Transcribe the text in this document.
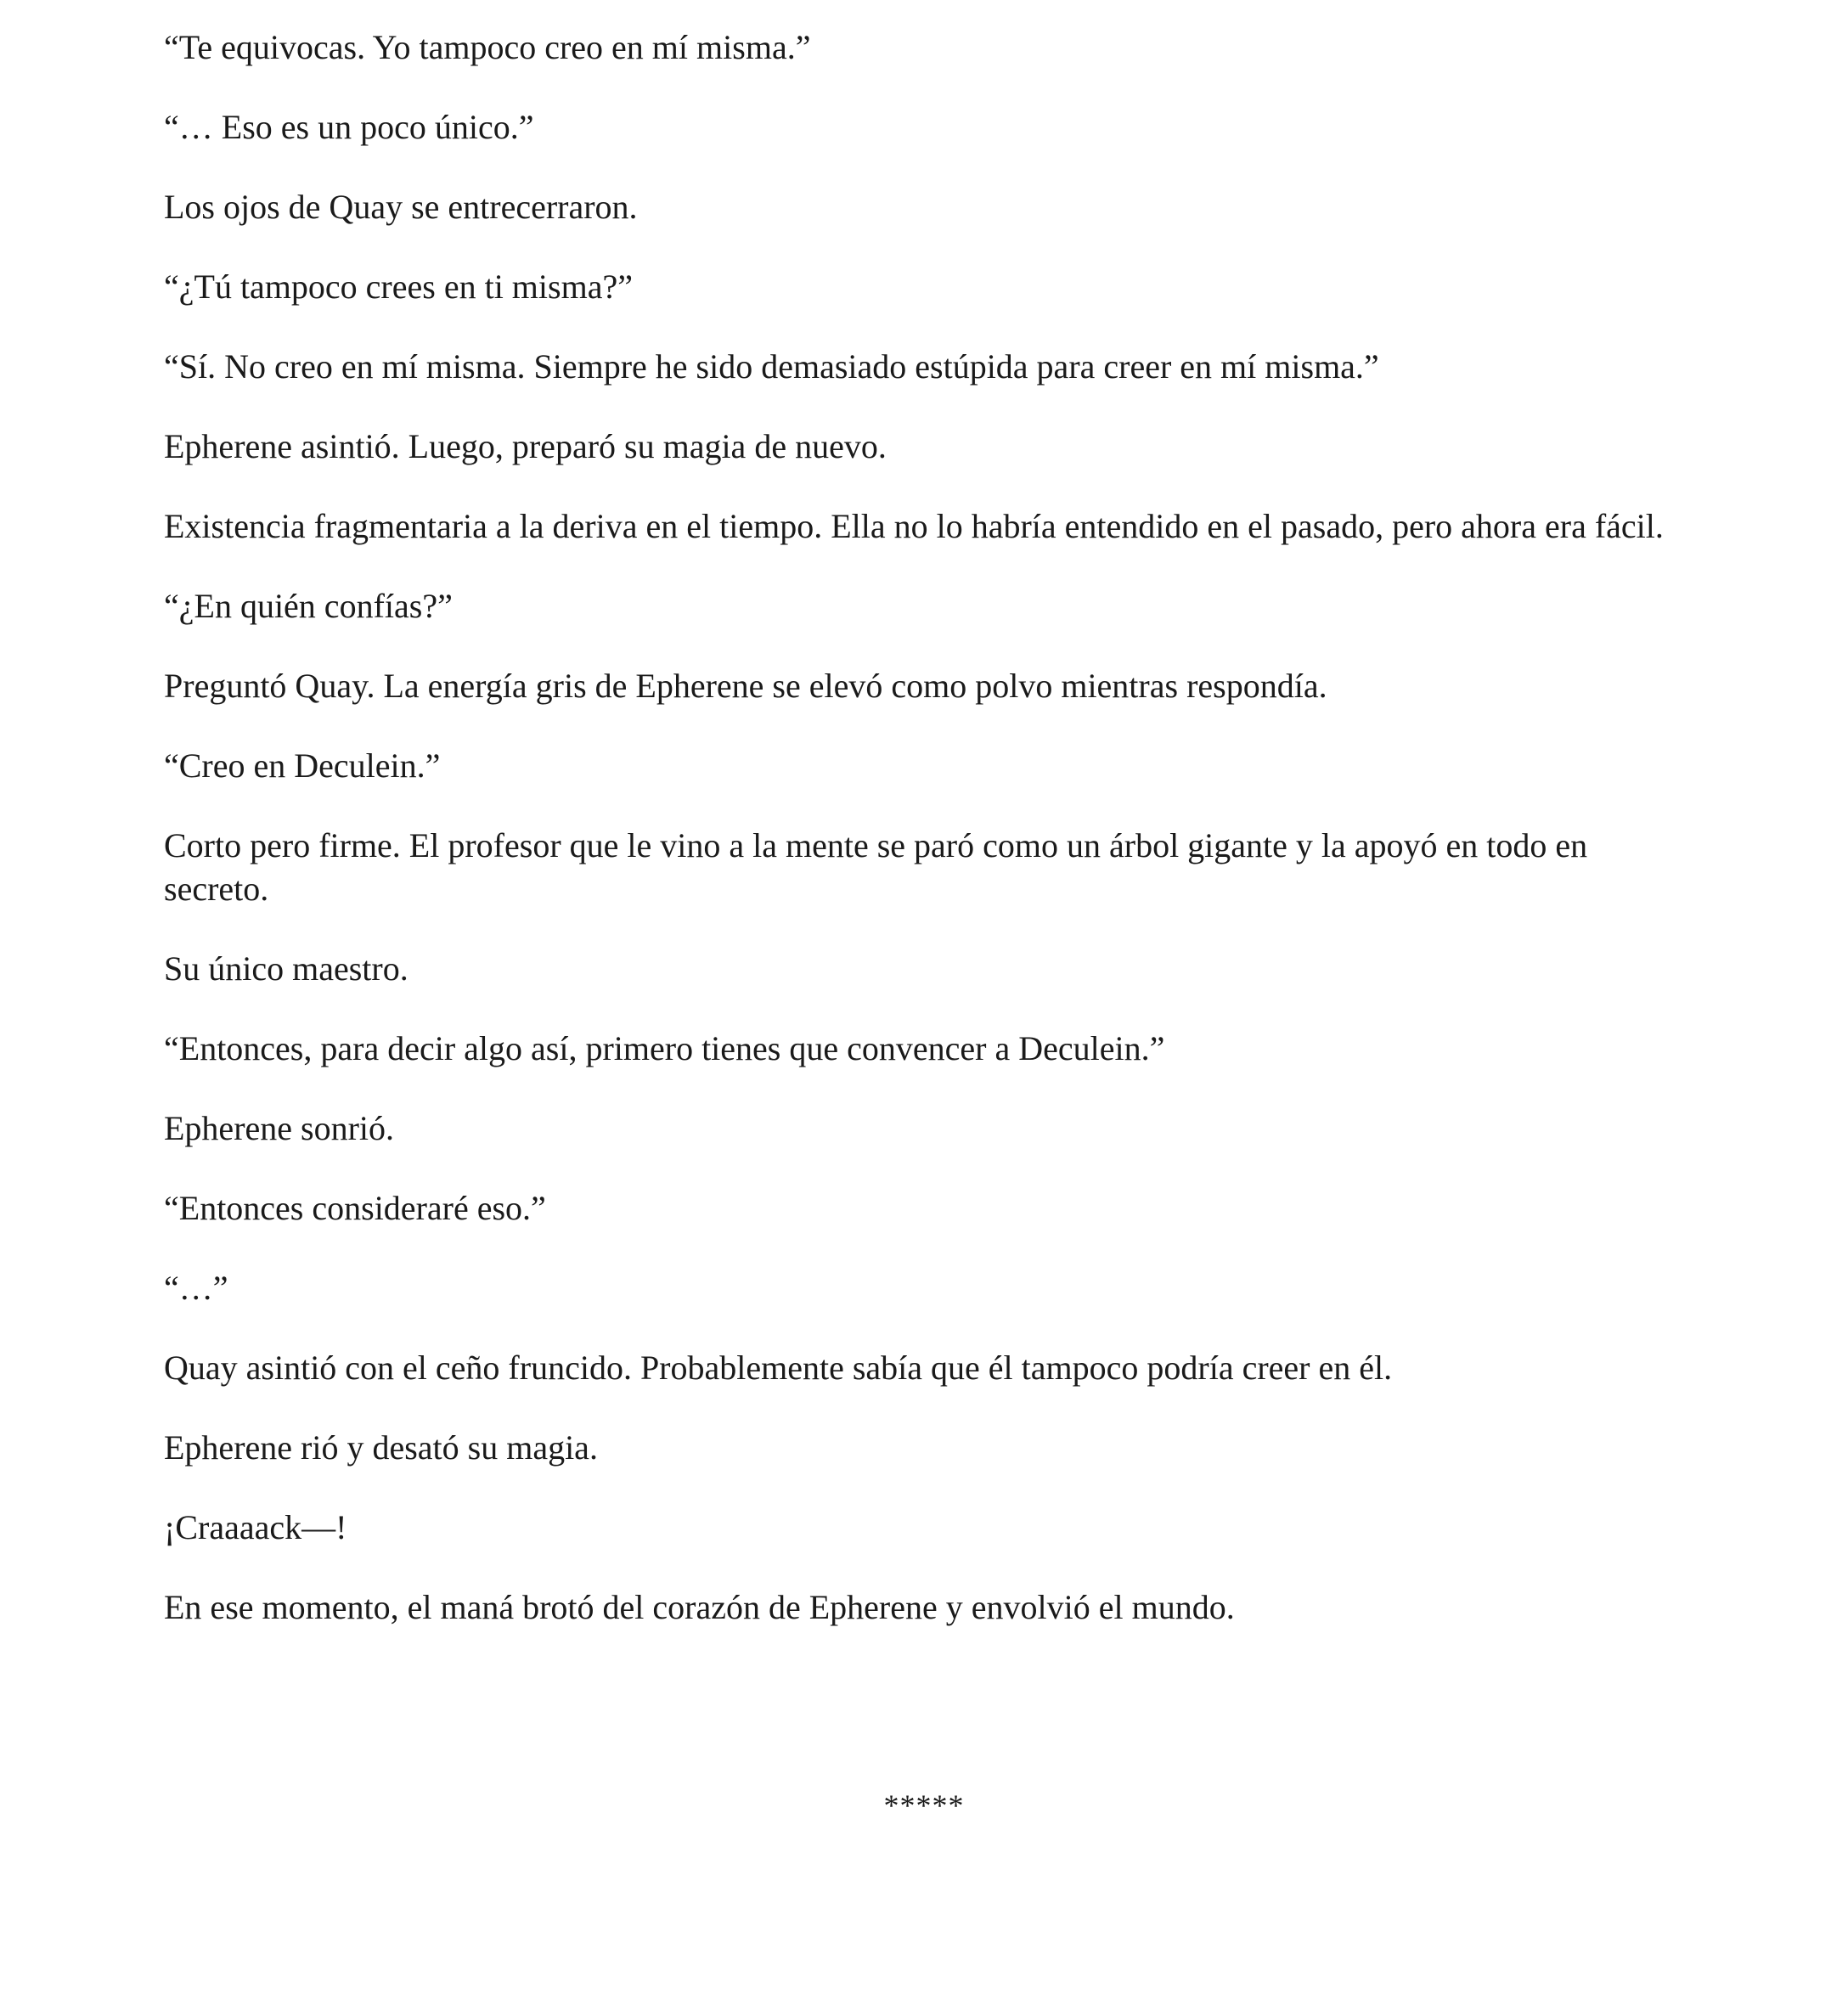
“Te equivocas. Yo tampoco creo en mí misma.”

“… Eso es un poco único.”

Los ojos de Quay se entrecerraron.

“¿Tú tampoco crees en ti misma?”

“Sí. No creo en mí misma. Siempre he sido demasiado estúpida para creer en mí misma.”

Epherene asintió. Luego, preparó su magia de nuevo.

Existencia fragmentaria a la deriva en el tiempo. Ella no lo habría entendido en el pasado, pero ahora era fácil.

“¿En quién confías?”

Preguntó Quay. La energía gris de Epherene se elevó como polvo mientras respondía.

“Creo en Deculein.”

Corto pero firme. El profesor que le vino a la mente se paró como un árbol gigante y la apoyó en todo en secreto.

Su único maestro.

“Entonces, para decir algo así, primero tienes que convencer a Deculein.”

Epherene sonrió.

“Entonces consideraré eso.”

“…”

Quay asintió con el ceño fruncido. Probablemente sabía que él tampoco podría creer en él.

Epherene rió y desató su magia.

¡Craaaack—!

En ese momento, el maná brotó del corazón de Epherene y envolvió el mundo.

*****
